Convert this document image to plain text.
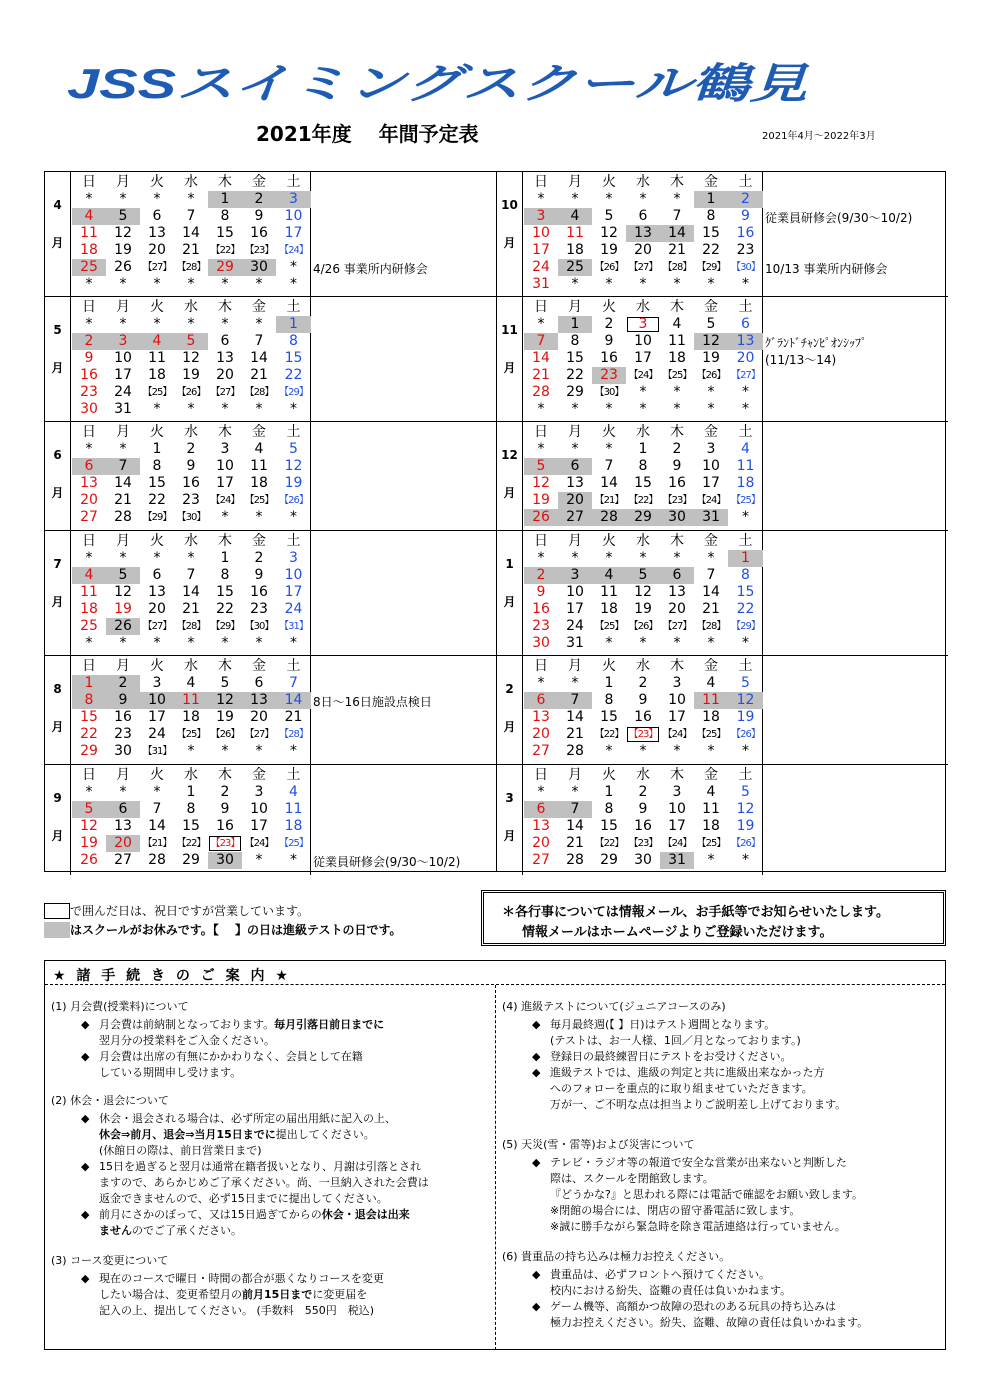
JSSスイミングスクール鶴見
2021年度　 年間予定表	2021年4月～2022年3月
4
月
日	月	火	水	木	金	土
*	*	*	*	1	2	3
4	5	6	7	8	9	10
11	12	13	14	15	16	17
18	19	20	21	【22】 【23】 【24】
25	26	【27】 【28】 29	30	*
*	*	*	*	*	*	*
4/26 事業所内研修会
5
月
日	月	火	水	木	金	土
*	*	*	*	*	*	1
2	3	4	5	6	7	8
9	10	11	12	13	14	15
16	17	18	19	20	21	22
23	24	【25】 【26】 【27】 【28】 【29】
30	31	*	*	*	*	*
6
月
日	月	火	水	木	金	土
*	*	1	2	3	4	5
6	7	8	9	10	11	12
13	14	15	16	17	18	19
20	21	22	23	【24】 【25】 【26】
27	28	【29】 【30】	*	*	*
7
月
日	月	火	水	木	金	土
*	*	*	*	1	2	3
4	5	6	7	8	9	10
11	12	13	14	15	16	17
18	19	20	21	22	23	24
25	26	【27】 【28】 【29】 【30】 【31】
*	*	*	*	*	*	*
8
月
日	月	火	水	木	金	土
1	2	3	4	5	6	7
8	9	10	11	12	13	14
15	16	17	18	19	20	21
22	23	24	【25】 【26】 【27】 【28】
29	30	【31】	*	*	*	*
8日～16日施設点検日
9
月
日	月	火	水	木	金	土
*	*	*	1	2	3	4
5	6	7	8	9	10	11
12	13	14	15	16	17	18
19	20	【21】 【22】 【23】 【24】 【25】
26	27	28	29	30	*	*	従業員研修会(9/30～10/2)
10
月
日	月	火	水	木	金	土
*	*	*	*	*	1	2
3	4	5	6	7	8	9
10	11	12	13	14	15	16
17	18	19	20	21	22	23
24	25	【26】 【27】 【28】 【29】 【30】
31	*	*	*	*	*	*
従業員研修会(9/30～10/2)
10/13 事業所内研修会
11
月
日	月	火	水	木	金	土
*	1	2	3	4	5	6
7	8	9	10	11	12	13
14	15	16	17	18	19	20
21	22	23	【24】 【25】 【26】 【27】
28	29	【30】	*	*	*	*
*	*	*	*	*	*	*
ｸﾞﾗﾝﾄﾞﾁｬﾝﾋﾟｵﾝｼｯﾌﾟ
(11/13～14)
12
月
日	月	火	水	木	金	土
*	*	*	1	2	3	4
5	6	7	8	9	10	11
12	13	14	15	16	17	18
19	20	【21】 【22】 【23】 【24】 【25】
26	27	28	29	30	31	*
1
月
日	月	火	水	木	金	土
*	*	*	*	*	*	1
2	3	4	5	6	7	8
9	10	11	12	13	14	15
16	17	18	19	20	21	22
23	24	【25】 【26】 【27】 【28】 【29】
30	31	*	*	*	*	*
2
月
日	月	火	水	木	金	土
*	*	1	2	3	4	5
6	7	8	9	10	11	12
13	14	15	16	17	18	19
20	21	【22】 【23】 【24】 【25】 【26】
27	28	*	*	*	*	*
3
月
日	月	火	水	木	金	土
*	*	1	2	3	4	5
6	7	8	9	10	11	12
13	14	15	16	17	18	19
20	21	【22】 【23】 【24】 【25】 【26】
27	28	29	30	31	*	*
で囲んだ日は、祝日ですが営業しています。
はスクールがお休みです。【　 】の日は進級テストの日です。
＊各行事については情報メール、お手紙等でお知らせいたします。
情報メールはホームページよりご登録いただけます。
★ 諸 手 続 き の ご 案 内 ★
(1) 月会費(授業料)について
◆ 月会費は前納制となっております。毎月引落日前日までに
翌月分の授業料をご入金ください。
◆ 月会費は出席の有無にかかわりなく、会員として在籍
している期間申し受けます。
(2) 休会・退会について
◆ 休会・退会される場合は、必ず所定の届出用紙に記入の上、
休会⇒前月、退会⇒当月15日までに提出してください。
(休館日の際は、前日営業日まで)
◆ 15日を過ぎると翌月は通常在籍者扱いとなり、月謝は引落とされ
ますので、あらかじめご了承ください。尚、一旦納入された会費は
返金できませんので、必ず15日までに提出してください。
◆ 前月にさかのぼって、又は15日過ぎてからの休会・退会は出来
ませんのでご了承ください。
(3) コース変更について
◆ 現在のコースで曜日・時間の都合が悪くなりコースを変更
したい場合は、変更希望月の前月15日までに変更届を
記入の上、提出してください。 (手数料　550円　税込)
(4) 進級テストについて(ジュニアコースのみ)
◆ 毎月最終週(【 】日)はテスト週間となります。
(テストは、お一人様、1回／月となっております。)
◆ 登録日の最終練習日にテストをお受けください。
◆ 進級テストでは、進級の判定と共に進級出来なかった方
へのフォローを重点的に取り組ませていただきます。
万が一、ご不明な点は担当よりご説明差し上げております。
(5) 天災(雪・雷等)および災害について
◆ テレビ・ラジオ等の報道で安全な営業が出来ないと判断した
際は、スクールを閉館致します。
『どうかな?』と思われる際には電話で確認をお願い致します。
※閉館の場合には、閉店の留守番電話に致します。
※誠に勝手ながら緊急時を除き電話連絡は行っていません。
(6) 貴重品の持ち込みは極力お控えください。
◆ 貴重品は、必ずフロントへ預けてください。
校内における紛失、盗難の責任は負いかねます。
◆ ゲーム機等、高額かつ故障の恐れのある玩具の持ち込みは
極力お控えください。紛失、盗難、故障の責任は負いかねます。
